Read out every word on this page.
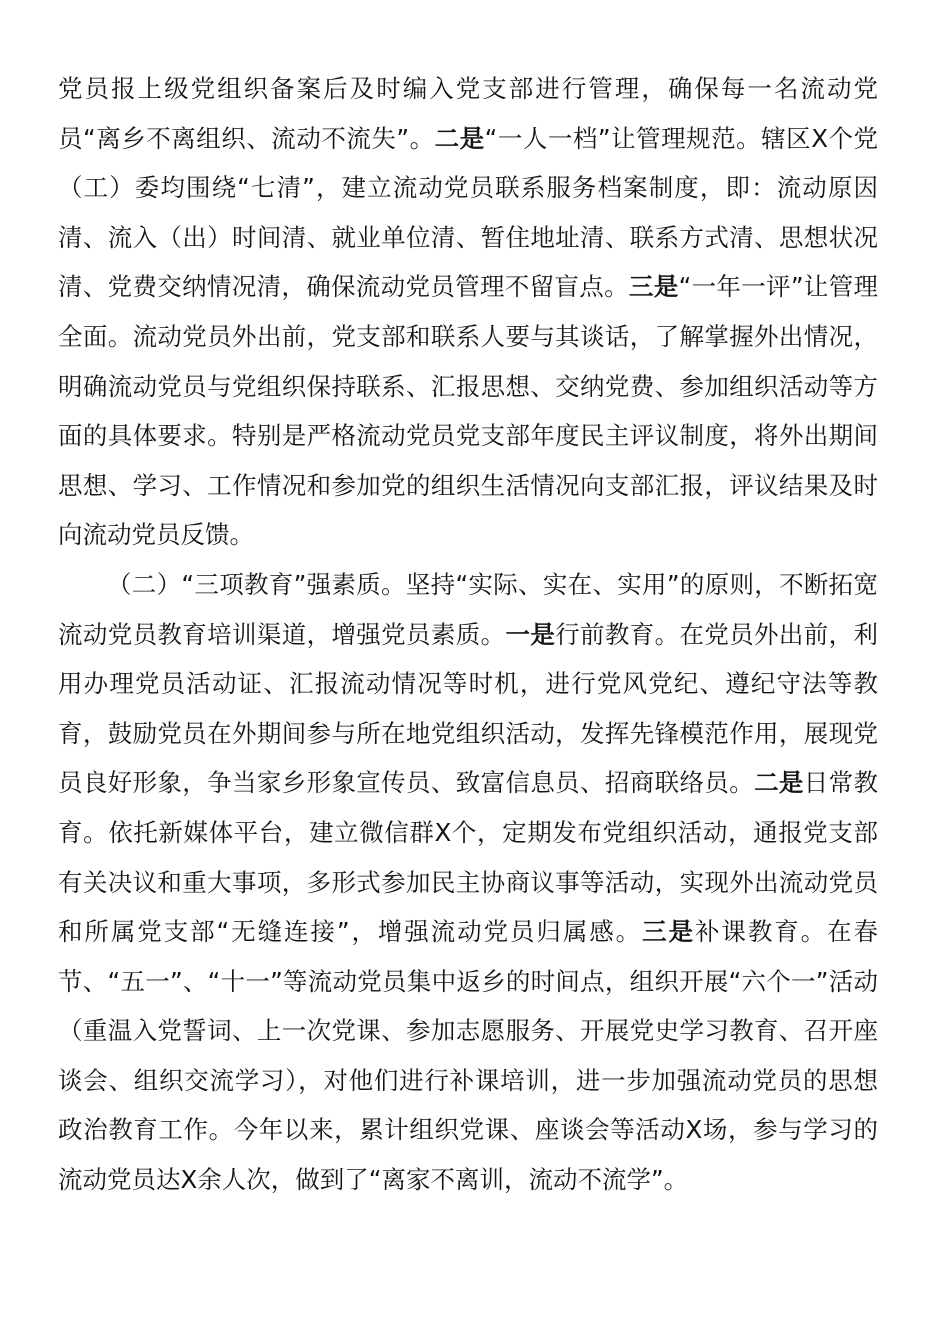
党员报上级党组织备案后及时编入党支部进行管理，确保每一名流动党员“离乡不离组织、流动不流失”。二是“一人一档”让管理规范。辖区X个党（工）委均围绕“七清”，建立流动党员联系服务档案制度，即：流动原因清、流入（出）时间清、就业单位清、暂住地址清、联系方式清、思想状况清、党费交纳情况清，确保流动党员管理不留盲点。三是“一年一评”让管理全面。流动党员外出前，党支部和联系人要与其谈话，了解掌握外出情况，明确流动党员与党组织保持联系、汇报思想、交纳党费、参加组织活动等方面的具体要求。特别是严格流动党员党支部年度民主评议制度，将外出期间思想、学习、工作情况和参加党的组织生活情况向支部汇报，评议结果及时向流动党员反馈。

（二）“三项教育”强素质。坚持“实际、实在、实用”的原则，不断拓宽流动党员教育培训渠道，增强党员素质。一是行前教育。在党员外出前，利用办理党员活动证、汇报流动情况等时机，进行党风党纪、遵纪守法等教育，鼓励党员在外期间参与所在地党组织活动，发挥先锋模范作用，展现党员良好形象，争当家乡形象宣传员、致富信息员、招商联络员。二是日常教育。依托新媒体平台，建立微信群X个，定期发布党组织活动，通报党支部有关决议和重大事项，多形式参加民主协商议事等活动，实现外出流动党员和所属党支部“无缝连接”，增强流动党员归属感。三是补课教育。在春节、“五一”、“十一”等流动党员集中返乡的时间点，组织开展“六个一”活动（重温入党誓词、上一次党课、参加志愿服务、开展党史学习教育、召开座谈会、组织交流学习），对他们进行补课培训，进一步加强流动党员的思想政治教育工作。今年以来，累计组织党课、座谈会等活动X场，参与学习的流动党员达X余人次，做到了“离家不离训，流动不流学”。
